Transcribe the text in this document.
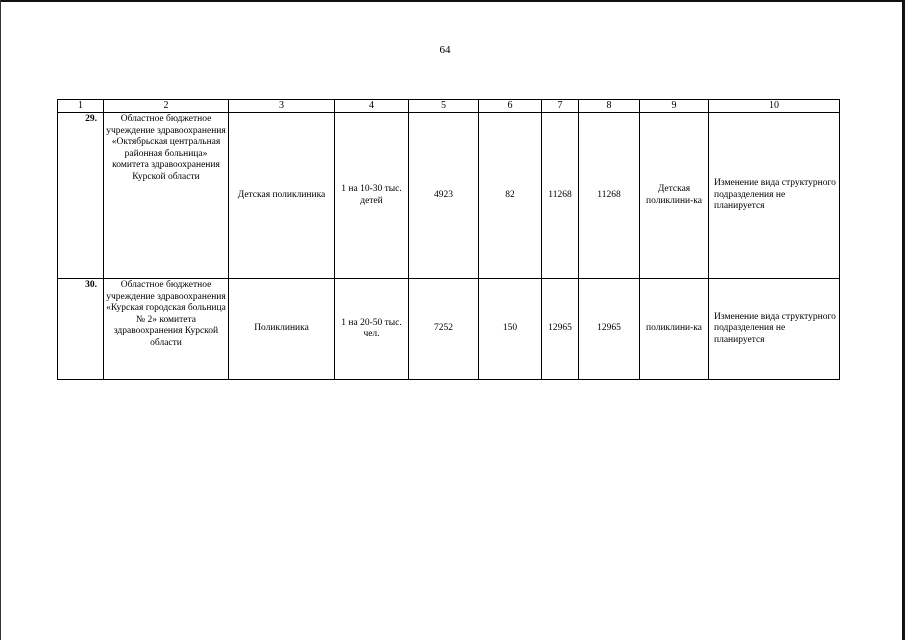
64
1	2	3	4	5	6	7	8	9	10
29.	Областное бюджетное учреждение здравоохранения «Октябрьская центральная районная больница» комитета здравоохранения Курской области	Детская поликлиника	1 на 10-30 тыс. детей	4923	82	11268	11268	Детская поликлини-ка	Изменение вида структурного подразделения не планируется
30.	Областное бюджетное учреждение здравоохранения «Курская городская больница № 2» комитета здравоохранения Курской области	Поликлиника	1 на 20-50 тыс. чел.	7252	150	12965	12965	поликлини-ка	Изменение вида структурного подразделения не планируется
